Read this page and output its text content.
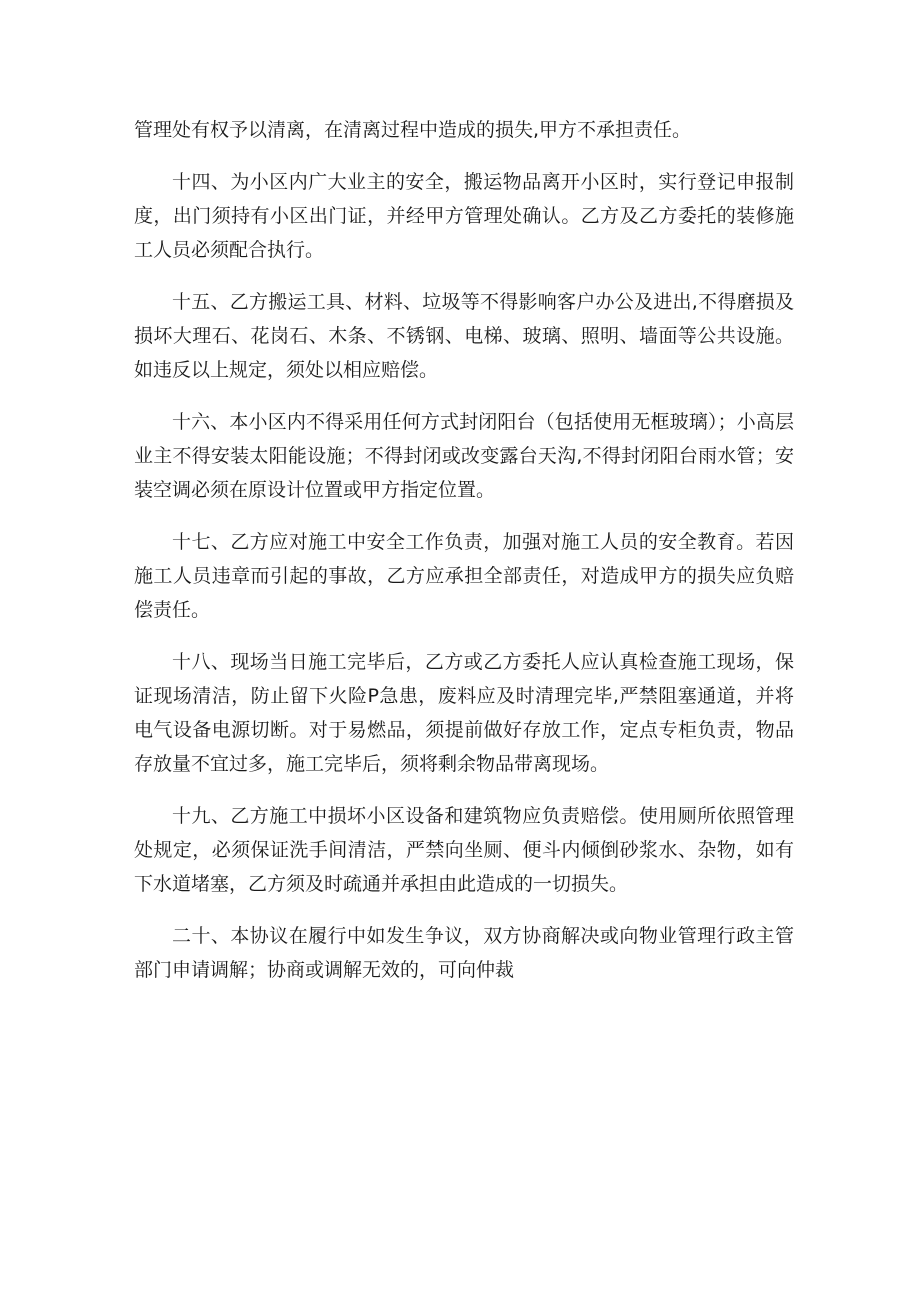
管理处有权予以清离，在清离过程中造成的损失,甲方不承担责任。

十四、为小区内广大业主的安全，搬运物品离开小区时，实行登记申报制度，出门须持有小区出门证，并经甲方管理处确认。乙方及乙方委托的装修施工人员必须配合执行。

十五、乙方搬运工具、材料、垃圾等不得影响客户办公及进出,不得磨损及损坏大理石、花岗石、木条、不锈钢、电梯、玻璃、照明、墙面等公共设施。如违反以上规定，须处以相应赔偿。

十六、本小区内不得采用任何方式封闭阳台（包括使用无框玻璃）；小高层业主不得安装太阳能设施；不得封闭或改变露台天沟,不得封闭阳台雨水管；安装空调必须在原设计位置或甲方指定位置。

十七、乙方应对施工中安全工作负责，加强对施工人员的安全教育。若因施工人员违章而引起的事故，乙方应承担全部责任，对造成甲方的损失应负赔偿责任。

十八、现场当日施工完毕后，乙方或乙方委托人应认真检查施工现场，保证现场清洁，防止留下火险P急患，废料应及时清理完毕,严禁阻塞通道，并将电气设备电源切断。对于易燃品，须提前做好存放工作，定点专柜负责，物品存放量不宜过多，施工完毕后，须将剩余物品带离现场。

十九、乙方施工中损坏小区设备和建筑物应负责赔偿。使用厕所依照管理处规定，必须保证洗手间清洁，严禁向坐厕、便斗内倾倒砂浆水、杂物，如有下水道堵塞，乙方须及时疏通并承担由此造成的一切损失。

二十、本协议在履行中如发生争议，双方协商解决或向物业管理行政主管部门申请调解；协商或调解无效的，可向仲裁
